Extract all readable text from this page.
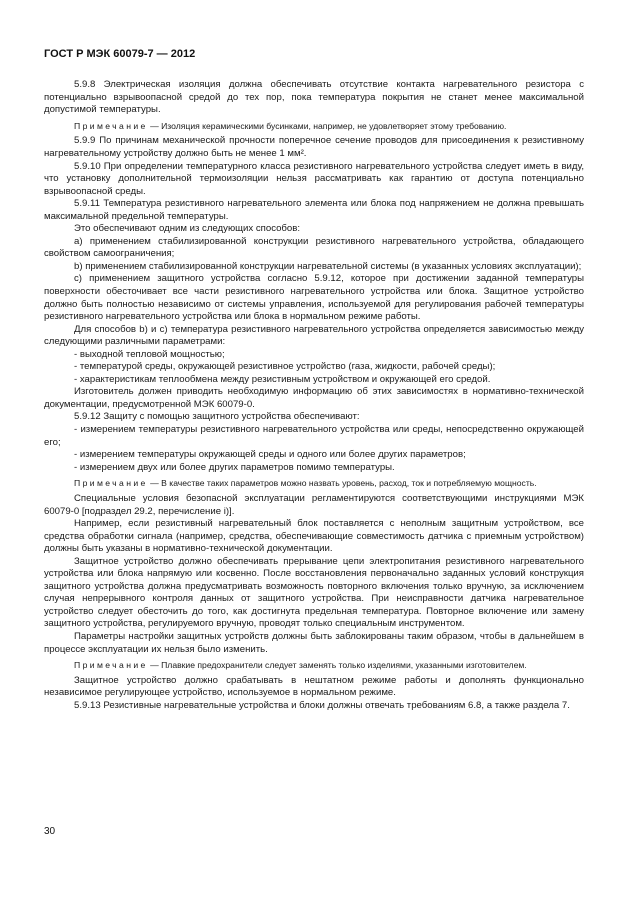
ГОСТ Р МЭК 60079-7 — 2012

5.9.8 Электрическая изоляция должна обеспечивать отсутствие контакта нагревательного резистора с потенциально взрывоопасной средой до тех пор, пока температура покрытия не станет менее максимальной допустимой температуры.

Примечание — Изоляция керамическими бусинками, например, не удовлетворяет этому требованию.

5.9.9 По причинам механической прочности поперечное сечение проводов для присоединения к резистивному нагревательному устройству должно быть не менее 1 мм².

5.9.10 При определении температурного класса резистивного нагревательного устройства следует иметь в виду, что установку дополнительной термоизоляции нельзя рассматривать как гарантию от доступа потенциально взрывоопасной среды.

5.9.11 Температура резистивного нагревательного элемента или блока под напряжением не должна превышать максимальной предельной температуры.

Это обеспечивают одним из следующих способов:

a) применением стабилизированной конструкции резистивного нагревательного устройства, обладающего свойством самоограничения;

b) применением стабилизированной конструкции нагревательной системы (в указанных условиях эксплуатации);

c) применением защитного устройства согласно 5.9.12, которое при достижении заданной температуры поверхности обесточивает все части резистивного нагревательного устройства или блока. Защитное устройство должно быть полностью независимо от системы управления, используемой для регулирования рабочей температуры резистивного нагревательного устройства или блока в нормальном режиме работы.

Для способов b) и c) температура резистивного нагревательного устройства определяется зависимостью между следующими различными параметрами:

- выходной тепловой мощностью;

- температурой среды, окружающей резистивное устройство (газа, жидкости, рабочей среды);

- характеристикам теплообмена между резистивным устройством и окружающей его средой.

Изготовитель должен приводить необходимую информацию об этих зависимостях в нормативно-технической документации, предусмотренной МЭК 60079-0.

5.9.12 Защиту с помощью защитного устройства обеспечивают:

- измерением температуры резистивного нагревательного устройства или среды, непосредственно окружающей его;

- измерением температуры окружающей среды и одного или более других параметров;

- измерением двух или более других параметров помимо температуры.

Примечание — В качестве таких параметров можно назвать уровень, расход, ток и потребляемую мощность.

Специальные условия безопасной эксплуатации регламентируются соответствующими инструкциями МЭК 60079-0 [подраздел 29.2, перечисление i)].

Например, если резистивный нагревательный блок поставляется с неполным защитным устройством, все средства обработки сигнала (например, средства, обеспечивающие совместимость датчика с приемным устройством) должны быть указаны в нормативно-технической документации.

Защитное устройство должно обеспечивать прерывание цепи электропитания резистивного нагревательного устройства или блока напрямую или косвенно. После восстановления первоначально заданных условий конструкция защитного устройства должна предусматривать возможность повторного включения только вручную, за исключением случая непрерывного контроля данных от защитного устройства. При неисправности датчика нагревательное устройство следует обесточить до того, как достигнута предельная температура. Повторное включение или замену защитного устройства, регулируемого вручную, проводят только специальным инструментом.

Параметры настройки защитных устройств должны быть заблокированы таким образом, чтобы в дальнейшем в процессе эксплуатации их нельзя было изменить.

Примечание — Плавкие предохранители следует заменять только изделиями, указанными изготовителем.

Защитное устройство должно срабатывать в нештатном режиме работы и дополнять функционально независимое регулирующее устройство, используемое в нормальном режиме.

5.9.13 Резистивные нагревательные устройства и блоки должны отвечать требованиям 6.8, а также раздела 7.

30
